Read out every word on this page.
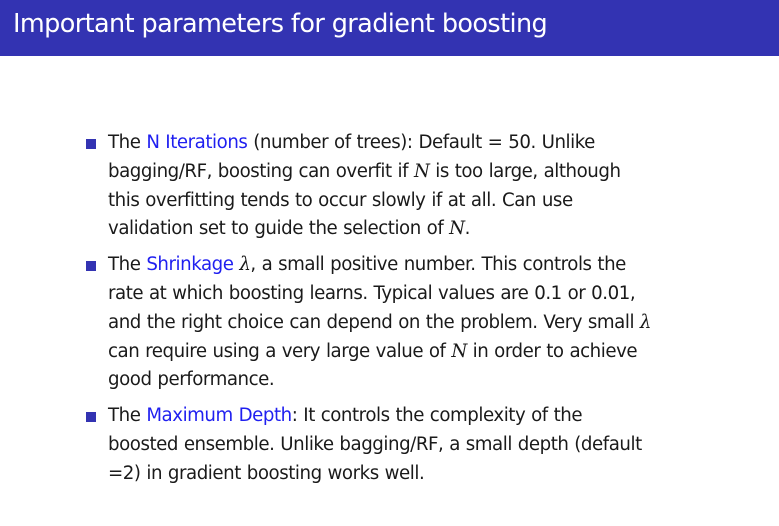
Important parameters for gradient boosting
The N Iterations (number of trees): Default = 50. Unlike
bagging/RF, boosting can overfit if N is too large, although
this overfitting tends to occur slowly if at all. Can use
validation set to guide the selection of N.
The Shrinkage λ, a small positive number. This controls the
rate at which boosting learns. Typical values are 0.1 or 0.01,
and the right choice can depend on the problem. Very small λ
can require using a very large value of N in order to achieve
good performance.
The Maximum Depth: It controls the complexity of the
boosted ensemble. Unlike bagging/RF, a small depth (default
=2) in gradient boosting works well.
